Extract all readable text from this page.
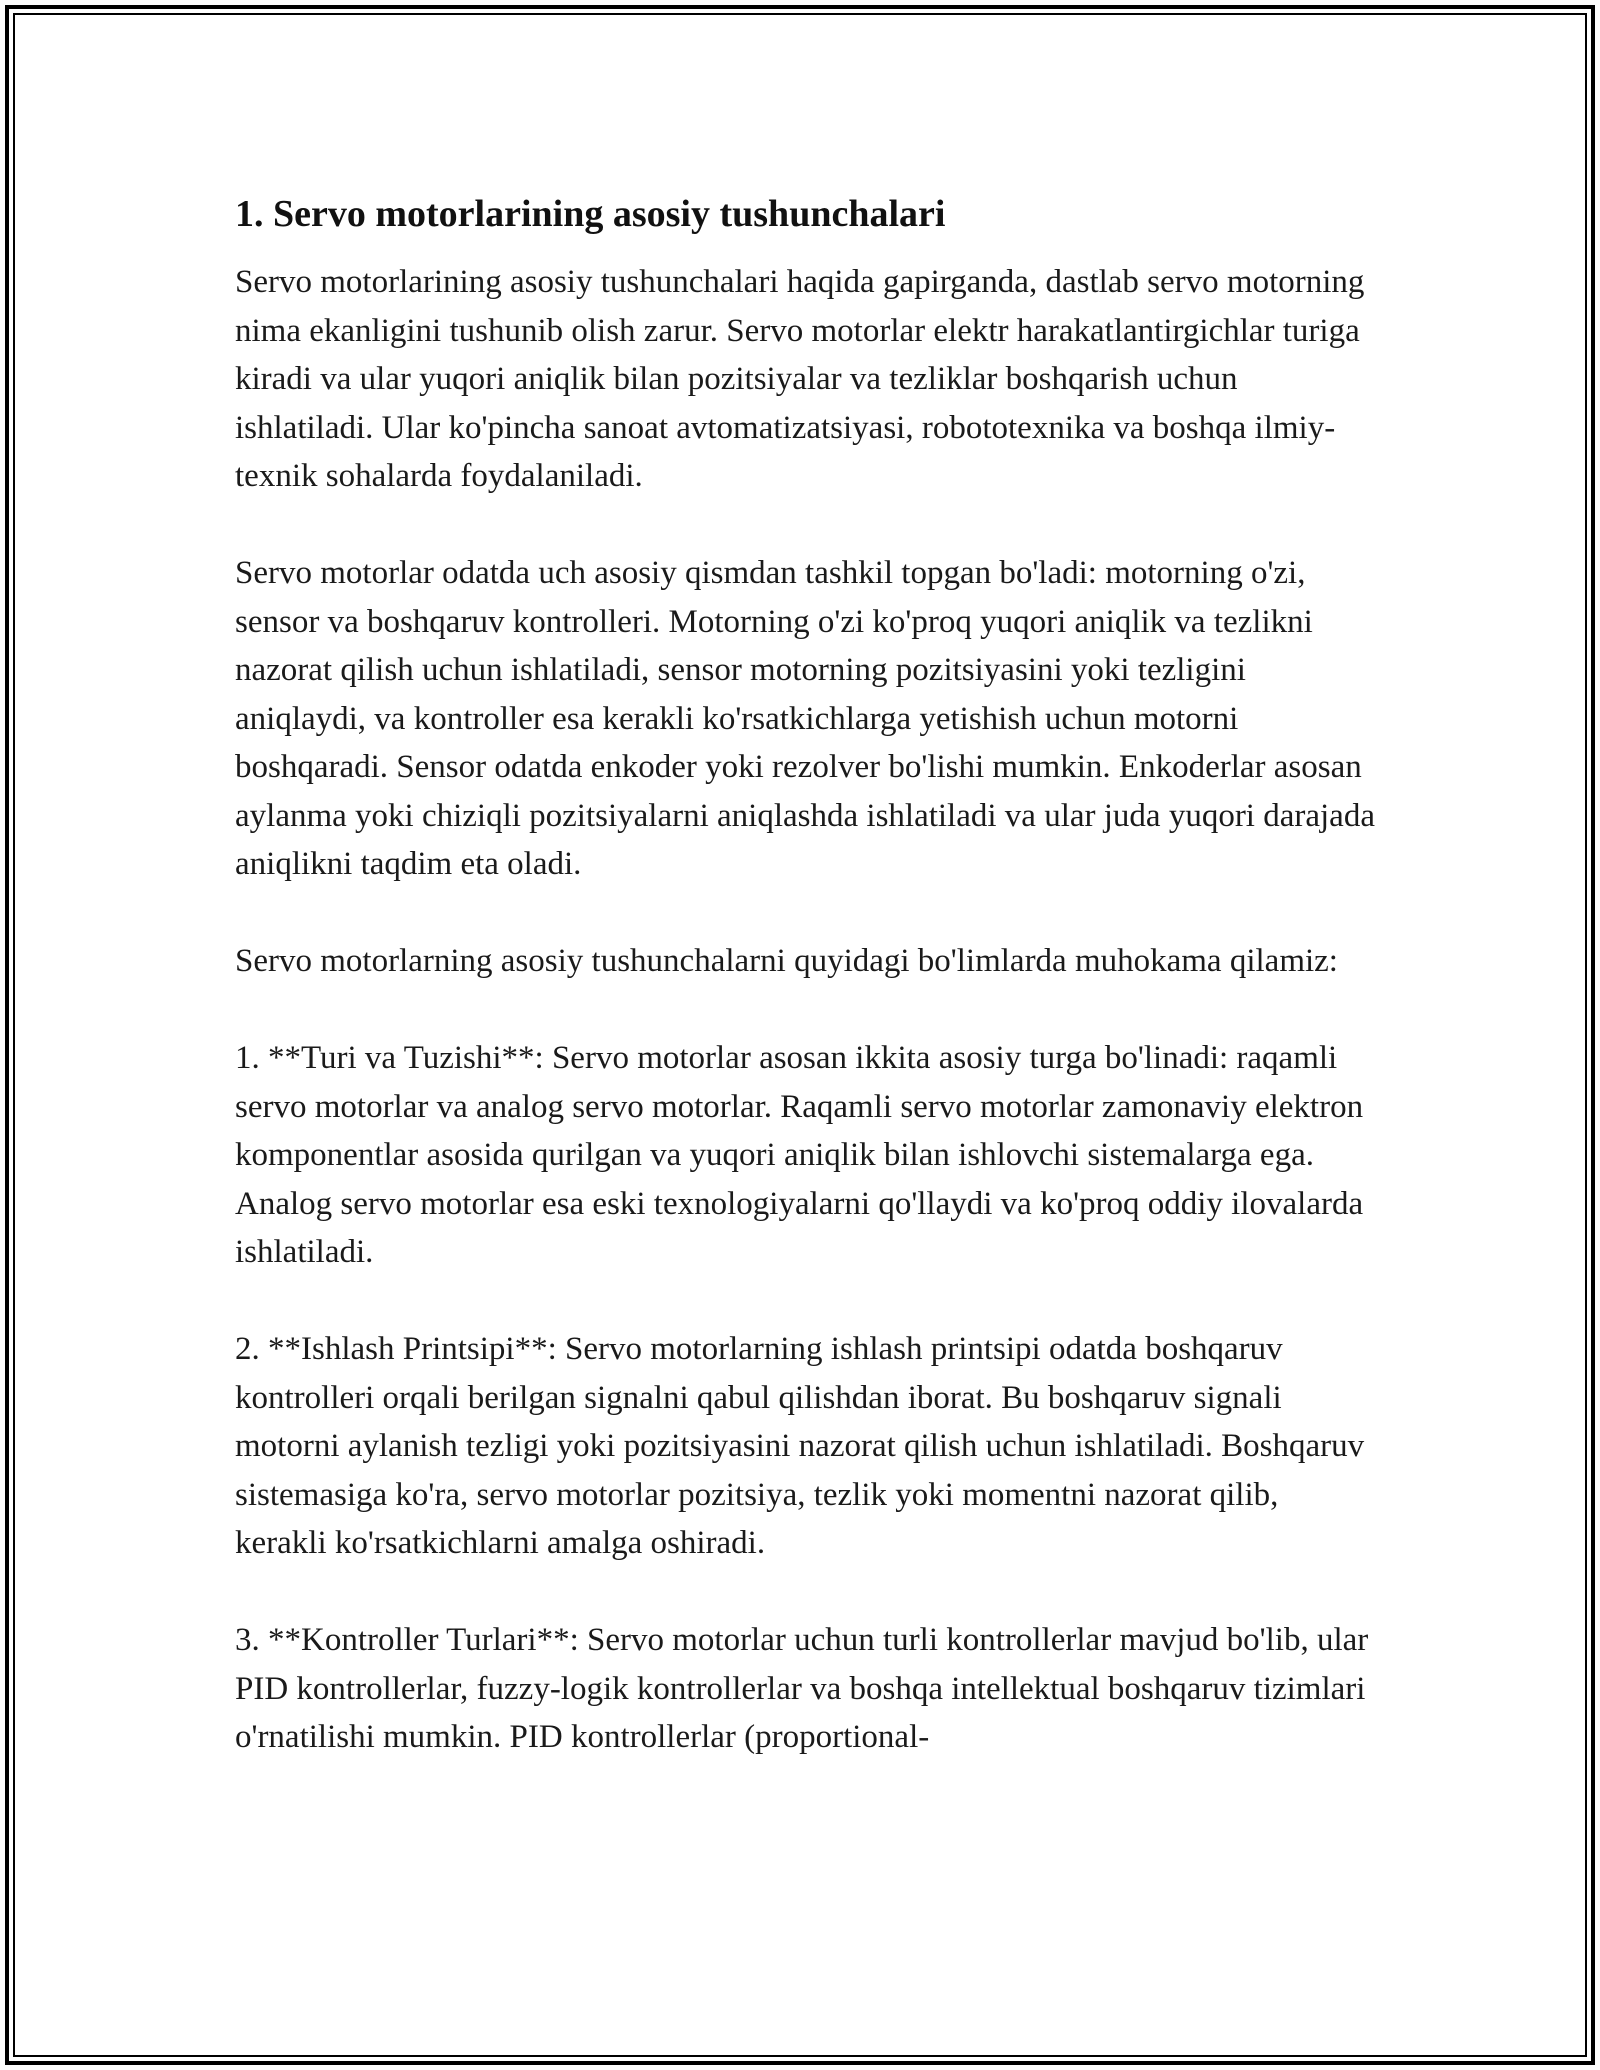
1. Servo motorlarining asosiy tushunchalari

Servo motorlarining asosiy tushunchalari haqida gapirganda, dastlab servo motorning nima ekanligini tushunib olish zarur. Servo motorlar elektr harakatlantirgichlar turiga kiradi va ular yuqori aniqlik bilan pozitsiyalar va tezliklar boshqarish uchun ishlatiladi. Ular ko'pincha sanoat avtomatizatsiyasi, robototexnika va boshqa ilmiy-texnik sohalarda foydalaniladi.

Servo motorlar odatda uch asosiy qismdan tashkil topgan bo'ladi: motorning o'zi, sensor va boshqaruv kontrolleri. Motorning o'zi ko'proq yuqori aniqlik va tezlikni nazorat qilish uchun ishlatiladi, sensor motorning pozitsiyasini yoki tezligini aniqlaydi, va kontroller esa kerakli ko'rsatkichlarga yetishish uchun motorni boshqaradi. Sensor odatda enkoder yoki rezolver bo'lishi mumkin. Enkoderlar asosan aylanma yoki chiziqli pozitsiyalarni aniqlashda ishlatiladi va ular juda yuqori darajada aniqlikni taqdim eta oladi.

Servo motorlarning asosiy tushunchalarni quyidagi bo'limlarda muhokama qilamiz:

1. **Turi va Tuzishi**: Servo motorlar asosan ikkita asosiy turga bo'linadi: raqamli servo motorlar va analog servo motorlar. Raqamli servo motorlar zamonaviy elektron komponentlar asosida qurilgan va yuqori aniqlik bilan ishlovchi sistemalarga ega. Analog servo motorlar esa eski texnologiyalarni qo'llaydi va ko'proq oddiy ilovalarda ishlatiladi.

2. **Ishlash Printsipi**: Servo motorlarning ishlash printsipi odatda boshqaruv kontrolleri orqali berilgan signalni qabul qilishdan iborat. Bu boshqaruv signali motorni aylanish tezligi yoki pozitsiyasini nazorat qilish uchun ishlatiladi. Boshqaruv sistemasiga ko'ra, servo motorlar pozitsiya, tezlik yoki momentni nazorat qilib, kerakli ko'rsatkichlarni amalga oshiradi.

3. **Kontroller Turlari**: Servo motorlar uchun turli kontrollerlar mavjud bo'lib, ular PID kontrollerlar, fuzzy-logik kontrollerlar va boshqa intellektual boshqaruv tizimlari o'rnatilishi mumkin. PID kontrollerlar (proportional-
